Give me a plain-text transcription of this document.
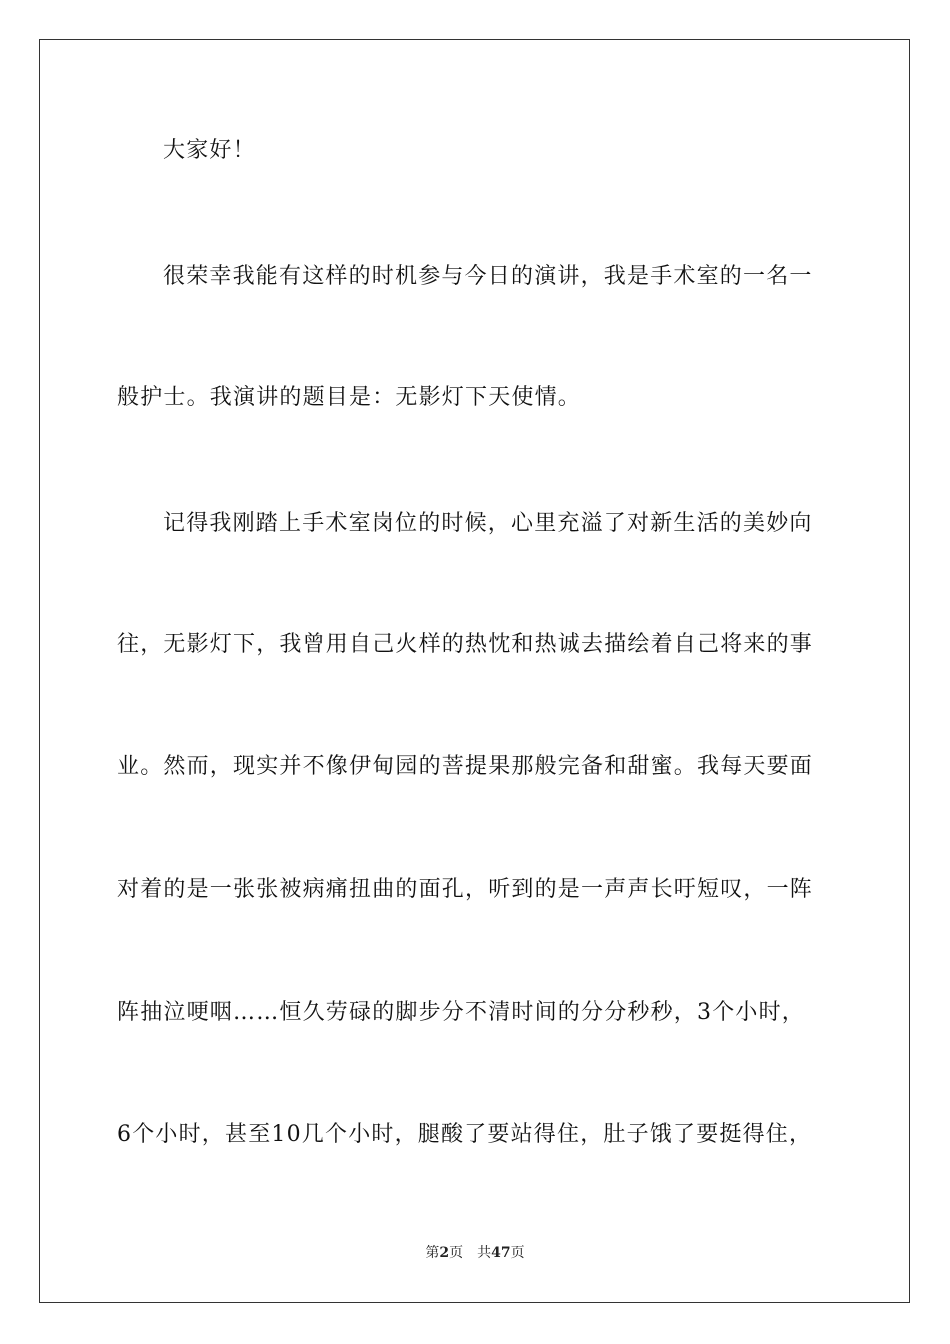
大家好！
很荣幸我能有这样的时机参与今日的演讲，我是手术室的一名一
般护士。我演讲的题目是：无影灯下天使情。
记得我刚踏上手术室岗位的时候，心里充溢了对新生活的美妙向
往，无影灯下，我曾用自己火样的热忱和热诚去描绘着自己将来的事
业。然而，现实并不像伊甸园的菩提果那般完备和甜蜜。我每天要面
对着的是一张张被病痛扭曲的面孔，听到的是一声声长吁短叹，一阵
阵抽泣哽咽……恒久劳碌的脚步分不清时间的分分秒秒，3个小时，
6个小时，甚至10几个小时，腿酸了要站得住，肚子饿了要挺得住，
第2页 共47页
